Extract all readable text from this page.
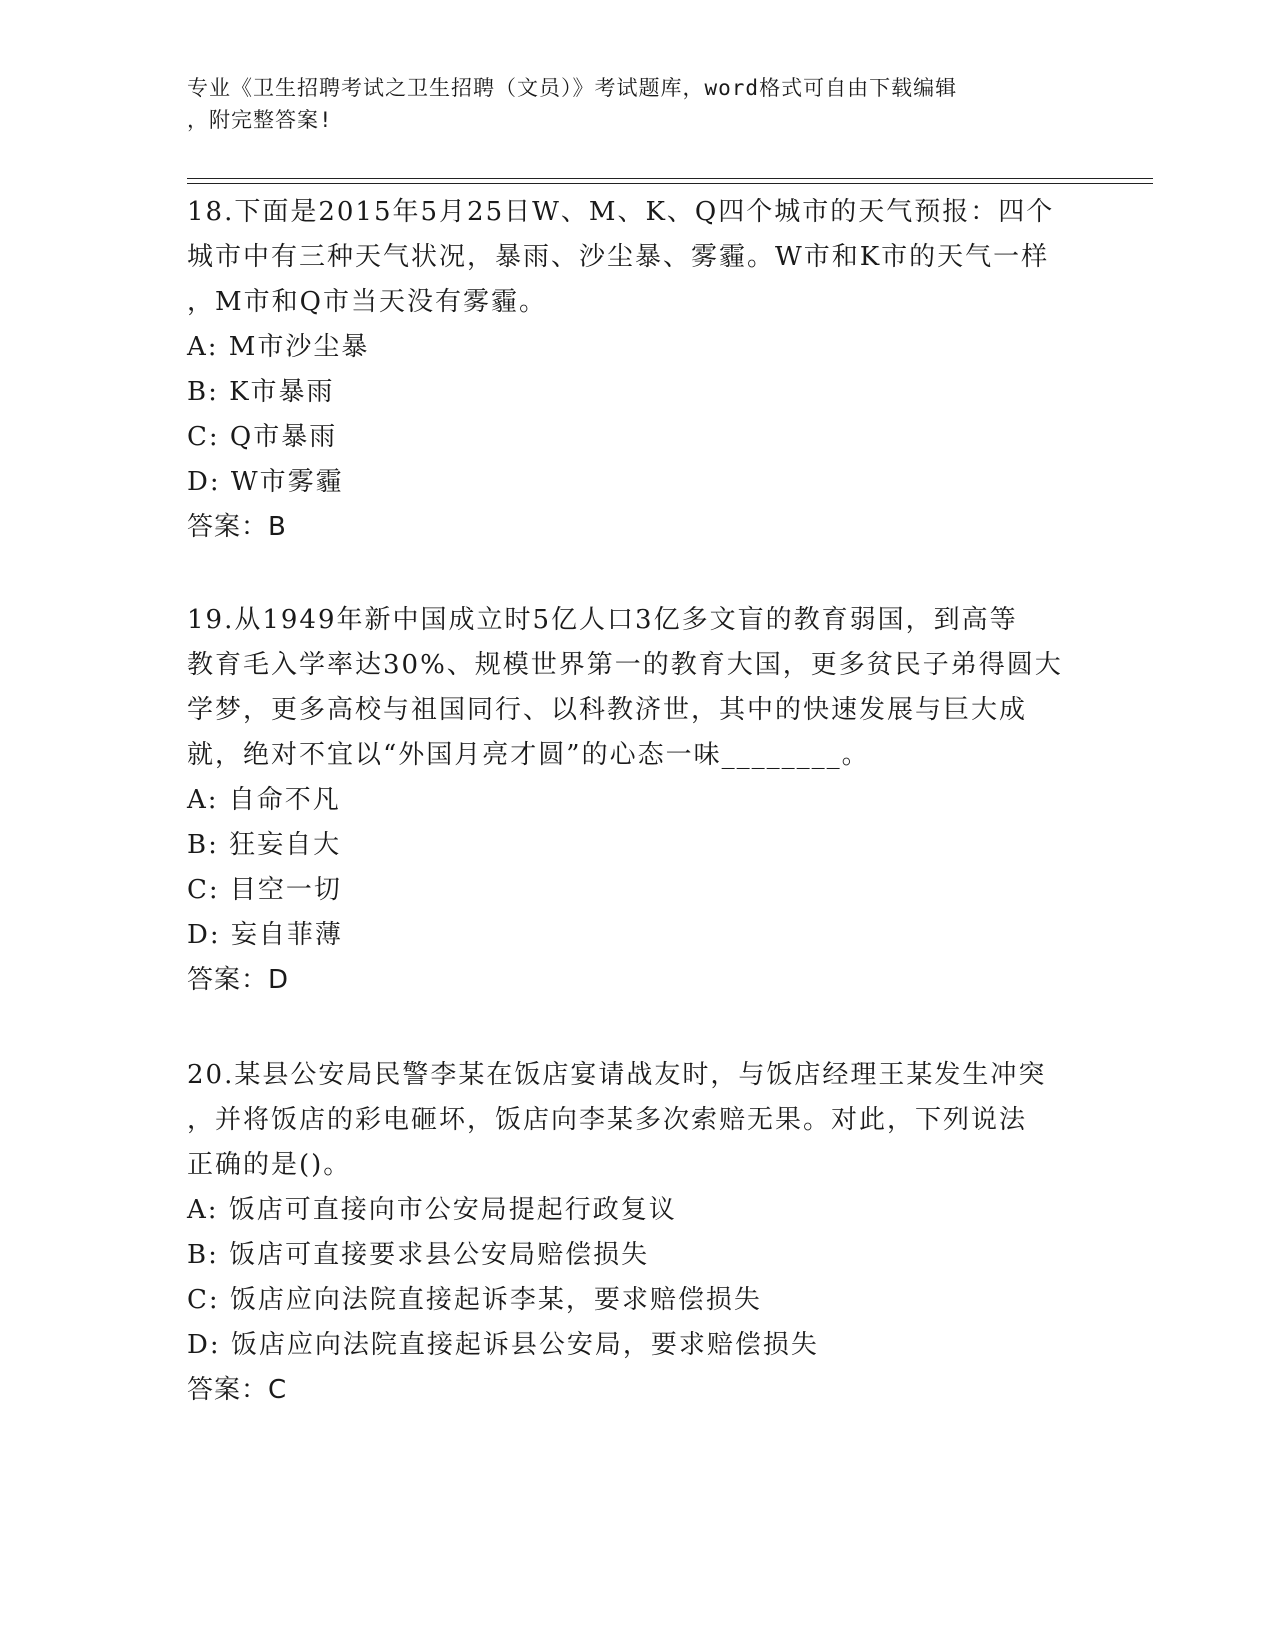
专业《卫生招聘考试之卫生招聘（文员）》考试题库，word格式可自由下载编辑
，附完整答案!
18.下面是2015年5月25日W、M、K、Q四个城市的天气预报：四个
城市中有三种天气状况，暴雨、沙尘暴、雾霾。W市和K市的天气一样
，M市和Q市当天没有雾霾。
A: M市沙尘暴
B: K市暴雨
C: Q市暴雨
D: W市雾霾
答案：B
19.从1949年新中国成立时5亿人口3亿多文盲的教育弱国，到高等
教育毛入学率达30%、规模世界第一的教育大国，更多贫民子弟得圆大
学梦，更多高校与祖国同行、以科教济世，其中的快速发展与巨大成
就，绝对不宜以“外国月亮才圆”的心态一味________。
A: 自命不凡
B: 狂妄自大
C: 目空一切
D: 妄自菲薄
答案：D
20.某县公安局民警李某在饭店宴请战友时，与饭店经理王某发生冲突
，并将饭店的彩电砸坏，饭店向李某多次索赔无果。对此，下列说法
正确的是()。
A: 饭店可直接向市公安局提起行政复议
B: 饭店可直接要求县公安局赔偿损失
C: 饭店应向法院直接起诉李某，要求赔偿损失
D: 饭店应向法院直接起诉县公安局，要求赔偿损失
答案：C
